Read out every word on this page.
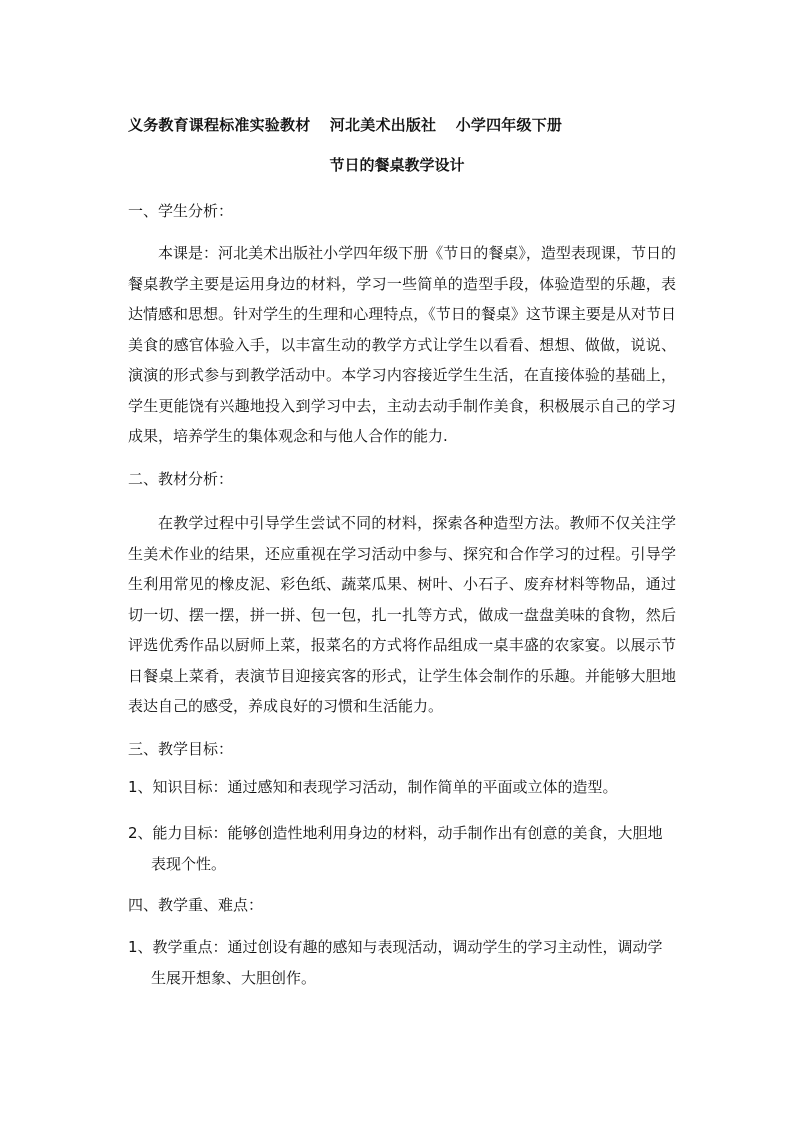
义务教育课程标准实验教材 河北美术出版社 小学四年级下册
节日的餐桌教学设计
一、学生分析：
本课是：河北美术出版社小学四年级下册《节日的餐桌》，造型表现课，节日的餐桌教学主要是运用身边的材料，学习一些简单的造型手段，体验造型的乐趣，表达情感和思想。针对学生的生理和心理特点，《节日的餐桌》这节课主要是从对节日美食的感官体验入手，以丰富生动的教学方式让学生以看看、想想、做做，说说、演演的形式参与到教学活动中。本学习内容接近学生生活，在直接体验的基础上，学生更能饶有兴趣地投入到学习中去，主动去动手制作美食，积极展示自己的学习成果，培养学生的集体观念和与他人合作的能力.
二、教材分析：
在教学过程中引导学生尝试不同的材料，探索各种造型方法。教师不仅关注学生美术作业的结果，还应重视在学习活动中参与、探究和合作学习的过程。引导学生利用常见的橡皮泥、彩色纸、蔬菜瓜果、树叶、小石子、废弃材料等物品，通过切一切、摆一摆，拼一拼、包一包，扎一扎等方式，做成一盘盘美味的食物，然后评选优秀作品以厨师上菜，报菜名的方式将作品组成一桌丰盛的农家宴。以展示节日餐桌上菜肴，表演节目迎接宾客的形式，让学生体会制作的乐趣。并能够大胆地表达自己的感受，养成良好的习惯和生活能力。
三、教学目标：
1、知识目标：通过感知和表现学习活动，制作简单的平面或立体的造型。
2、能力目标：能够创造性地利用身边的材料，动手制作出有创意的美食，大胆地表现个性。
四、教学重、难点：
1、教学重点：通过创设有趣的感知与表现活动，调动学生的学习主动性，调动学生展开想象、大胆创作。
